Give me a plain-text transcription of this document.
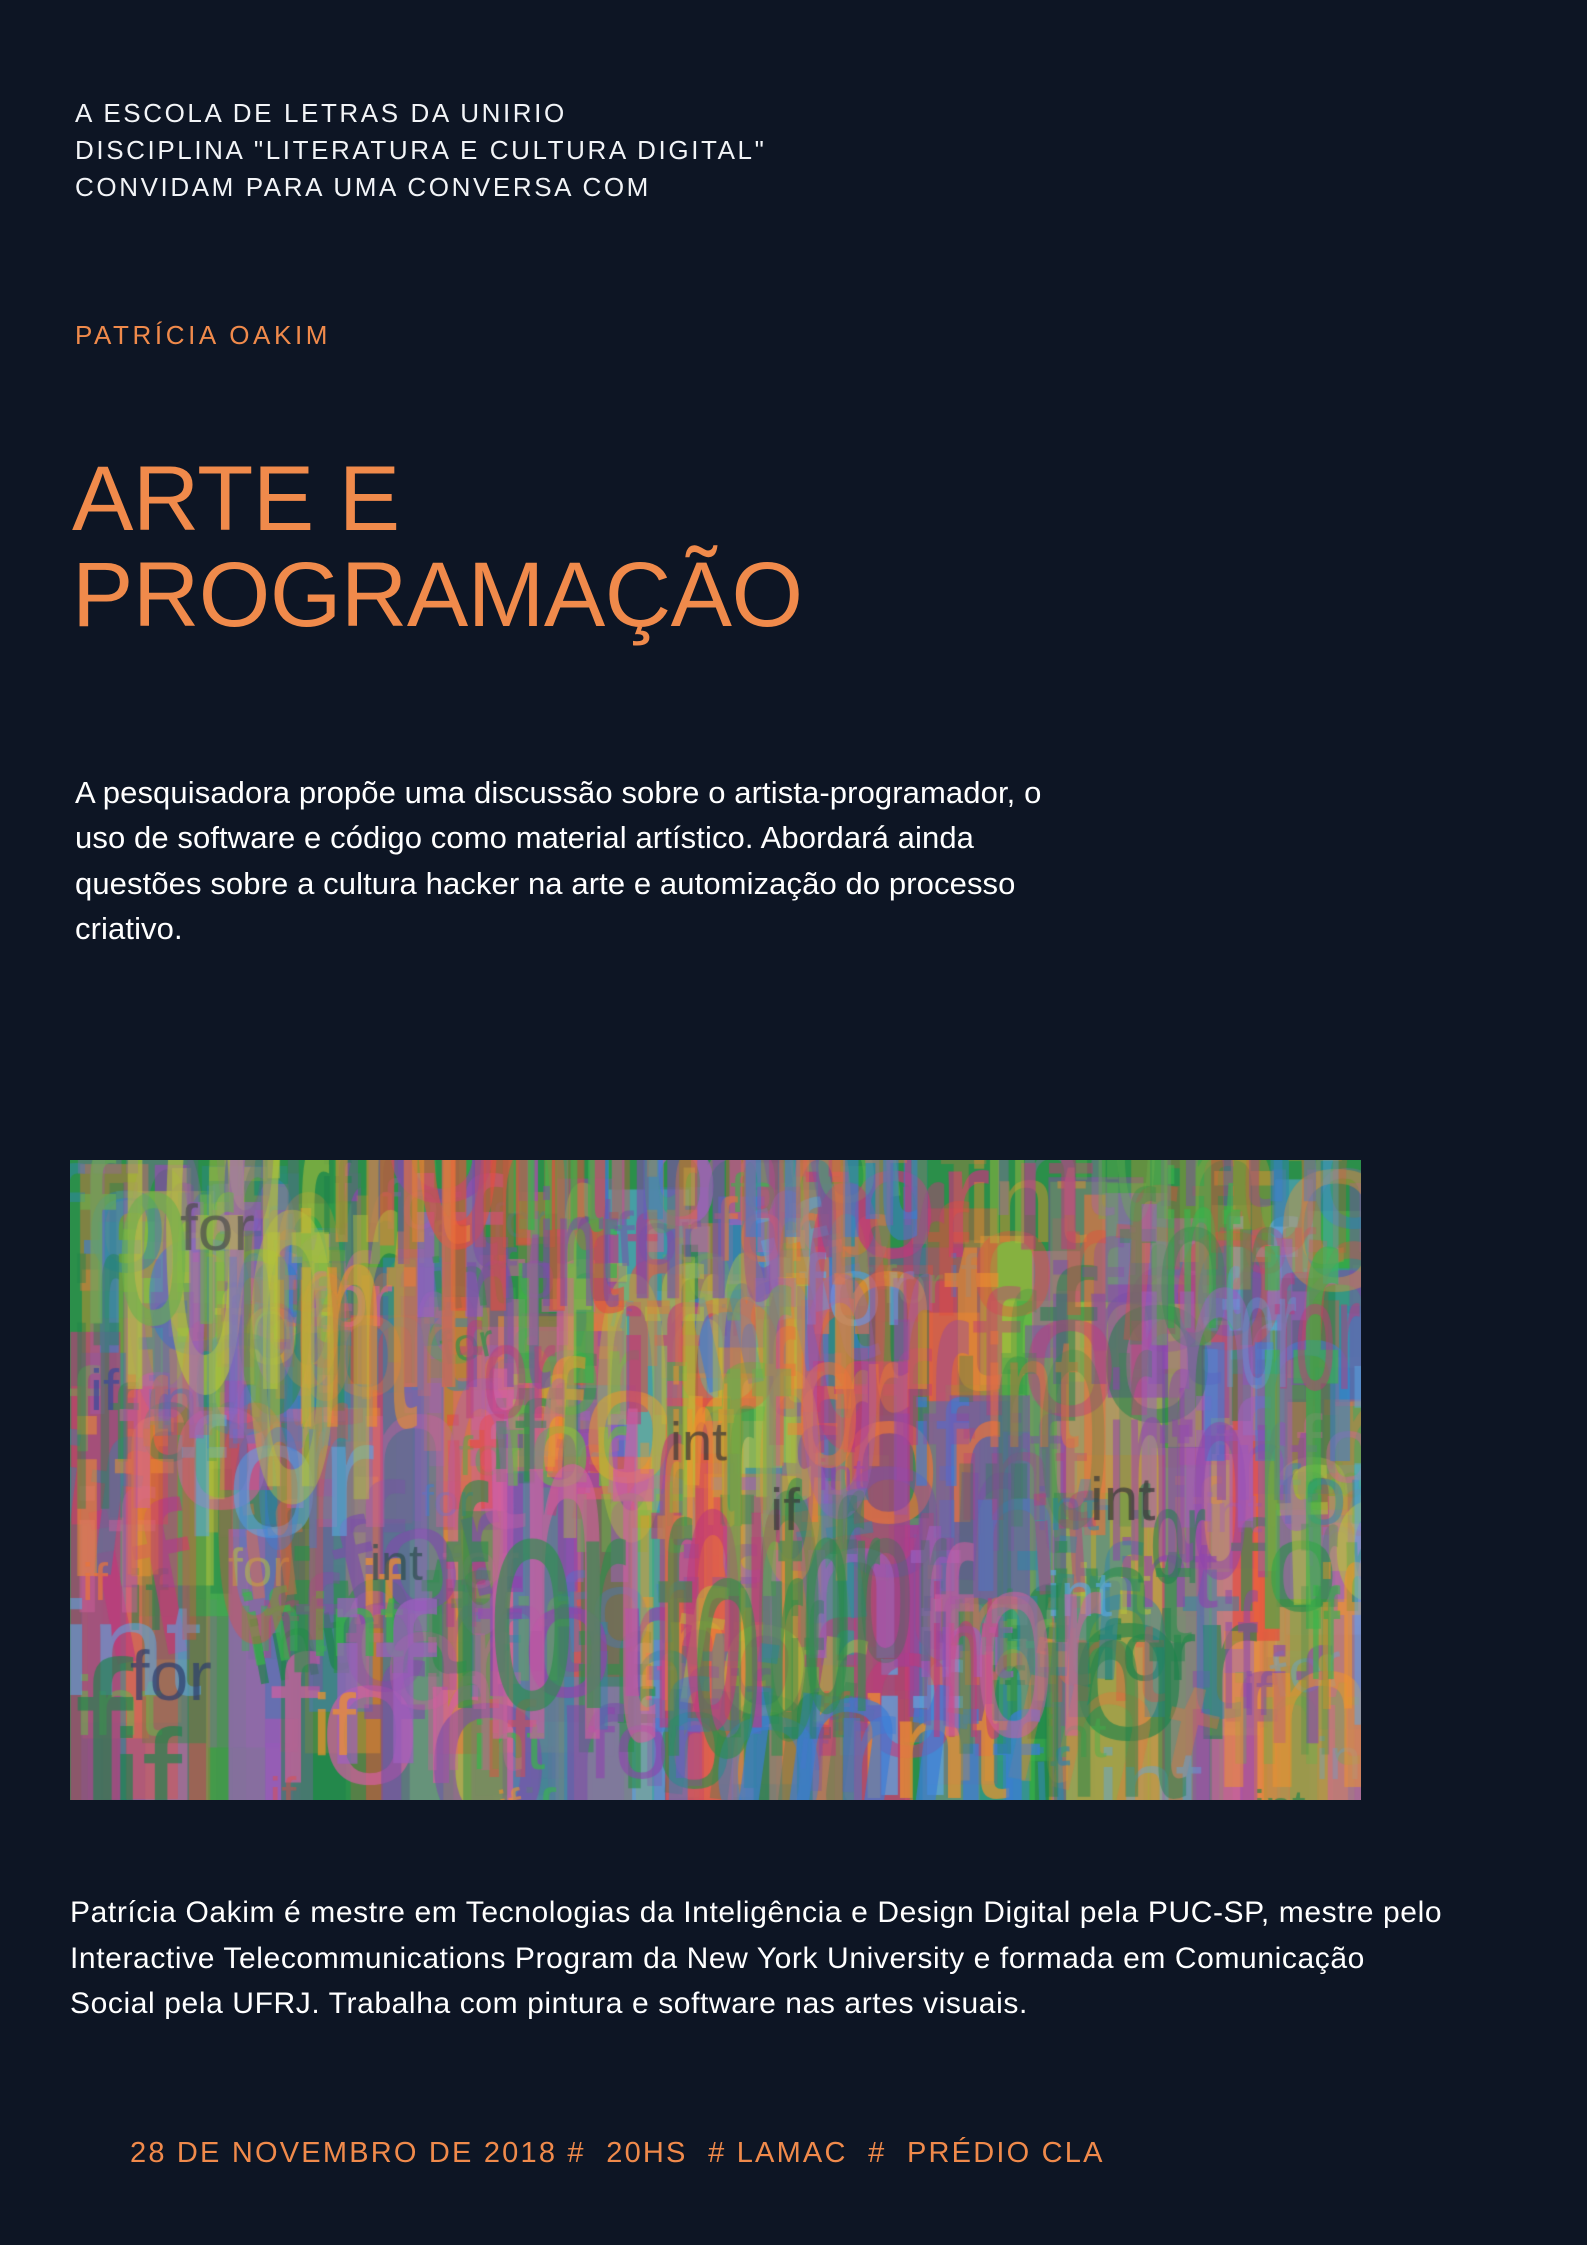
A ESCOLA DE LETRAS DA UNIRIO
DISCIPLINA "LITERATURA E CULTURA DIGITAL"
CONVIDAM PARA UMA CONVERSA COM
PATRÍCIA OAKIM
ARTE E
PROGRAMAÇÃO
A pesquisadora propõe uma discussão sobre o artista-programador, o uso de software e código como material artístico. Abordará ainda questões sobre a cultura hacker na arte e automização do processo criativo.
Patrícia Oakim é mestre em Tecnologias da Inteligência e Design Digital pela PUC-SP, mestre pelo Interactive Telecommunications Program da New York University e formada em Comunicação Social pela UFRJ. Trabalha com pintura e software nas artes visuais.
28 DE NOVEMBRO DE 2018 #  20HS  # LAMAC  #  PRÉDIO CLA
